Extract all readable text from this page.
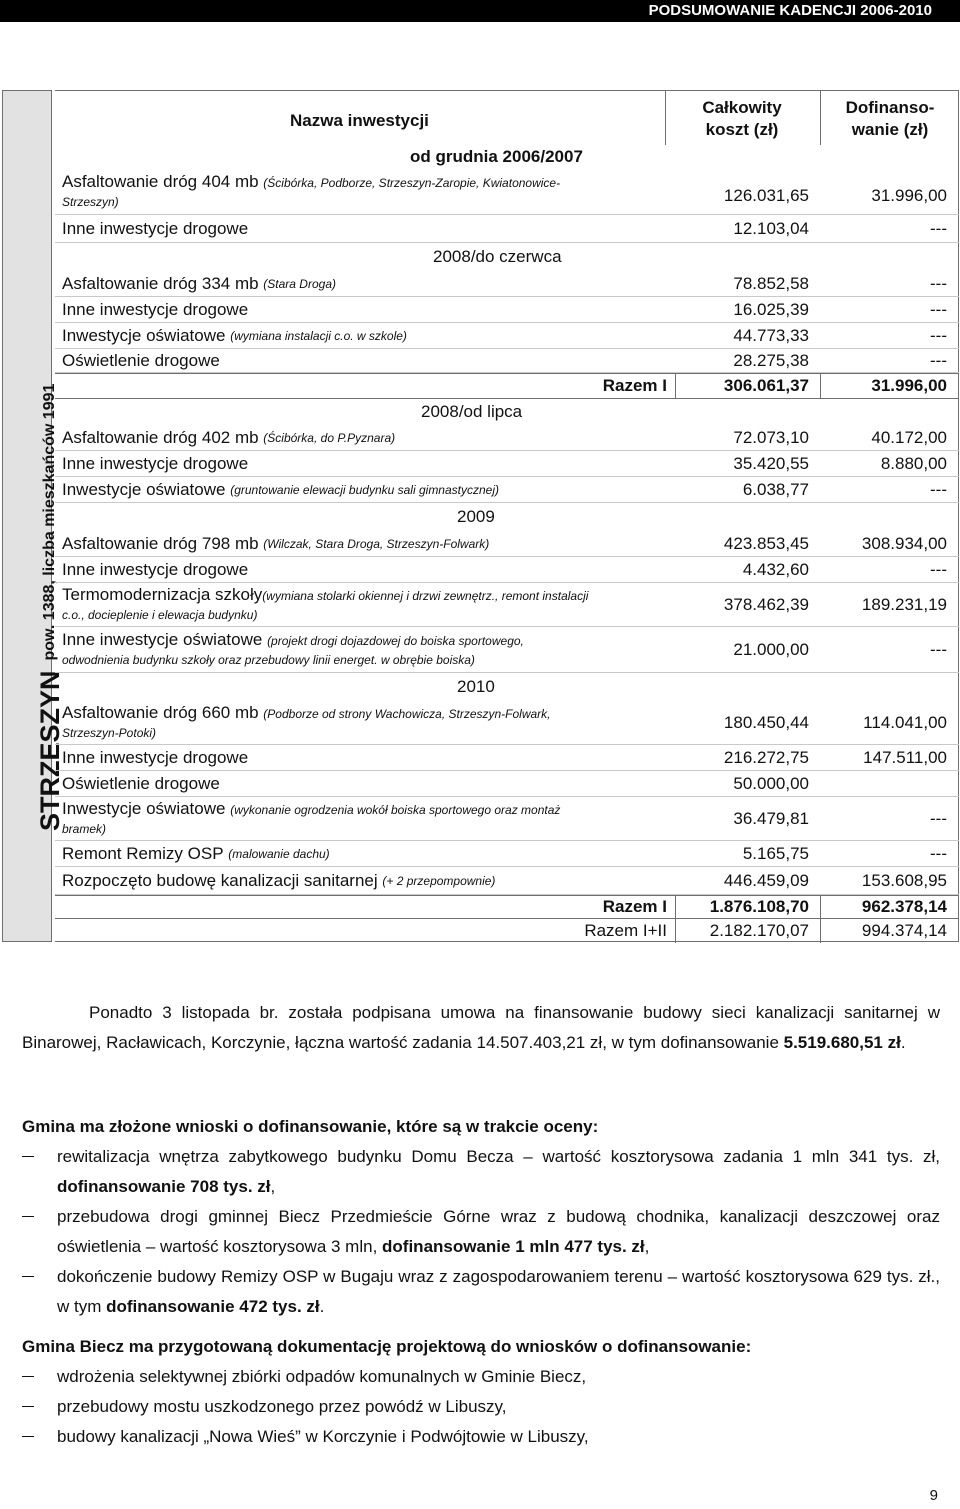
PODSUMOWANIE KADENCJI 2006-2010
STRZESZYN
pow. 1388, liczba mieszkańców 1991
Nazwa inwestycji
Całkowity
koszt (zł)
Dofinanso-
wanie (zł)
od grudnia 2006/2007
Asfaltowanie dróg 404 mb (Ścibórka, Podborze, Strzeszyn-Zaropie, Kwiatonowice-
Strzeszyn)	126.031,65	31.996,00
Inne inwestycje drogowe	12.103,04	---
2008/do czerwca
Asfaltowanie dróg 334 mb
(Stara Droga)	78.852,58	---
Inne inwestycje drogowe	16.025,39	---
Inwestycje oświatowe
(wymiana instalacji c.o. w szkole)	44.773,33	---
Oświetlenie drogowe	28.275,38	---
Razem I	306.061,37	31.996,00
2008/od lipca
Asfaltowanie dróg 402 mb
(Ścibórka, do P.Pyznara)	72.073,10	40.172,00
Inne inwestycje drogowe	35.420,55	8.880,00
Inwestycje oświatowe
(gruntowanie elewacji budynku sali gimnastycznej)	6.038,77	---
2009
Asfaltowanie dróg 798 mb
(Wilczak, Stara Droga, Strzeszyn-Folwark)	423.853,45	308.934,00
Inne inwestycje drogowe	4.432,60	---
Termomodernizacja szkoły(wymiana stolarki okiennej i drzwi zewnętrz., remont instalacji
c.o., docieplenie i elewacja budynku)
378.462,39	189.231,19
Inne inwestycje oświatowe (projekt drogi dojazdowej do boiska sportowego,
odwodnienia budynku szkoły oraz przebudowy linii energet. w obrębie boiska)
21.000,00	---
2010
Asfaltowanie dróg 660 mb (Podborze od strony Wachowicza, Strzeszyn-Folwark,
Strzeszyn-Potoki)
180.450,44	114.041,00
Inne inwestycje drogowe	216.272,75	147.511,00
Oświetlenie drogowe	50.000,00
Inwestycje oświatowe (wykonanie ogrodzenia wokół boiska sportowego oraz montaż
bramek)
36.479,81	---
Remont Remizy OSP
(malowanie dachu)	5.165,75	---
Rozpoczęto budowę kanalizacji sanitarnej
(+ 2 przepompownie)	446.459,09	153.608,95
Razem I	1.876.108,70	962.378,14
Razem I+II	2.182.170,07	994.374,14

Ponadto 3 listopada br. została podpisana umowa na finansowanie budowy sieci kanalizacji sanitarnej w Binarowej, Racławicach, Korczynie, łączna wartość zadania 14.507.403,21 zł, w tym dofinansowanie 5.519.680,51 zł.

Gmina ma złożone wnioski o dofinansowanie, które są w trakcie oceny:

rewitalizacja wnętrza zabytkowego budynku Domu Becza – wartość kosztorysowa zadania 1 mln 341 tys. zł, dofinansowanie 708 tys. zł,
przebudowa drogi gminnej Biecz Przedmieście Górne wraz z budową chodnika, kanalizacji deszczowej oraz oświetlenia – wartość kosztorysowa 3 mln, dofinansowanie 1 mln 477 tys. zł,
dokończenie budowy Remizy OSP w Bugaju wraz z zagospodarowaniem terenu – wartość kosztorysowa 629 tys. zł., w tym dofinansowanie 472 tys. zł.

Gmina Biecz ma przygotowaną dokumentację projektową do wniosków o dofinansowanie:

wdrożenia selektywnej zbiórki odpadów komunalnych w Gminie Biecz,
przebudowy mostu uszkodzonego przez powódź w Libuszy,
budowy kanalizacji „Nowa Wieś” w Korczynie i Podwójtowie w Libuszy,
9
